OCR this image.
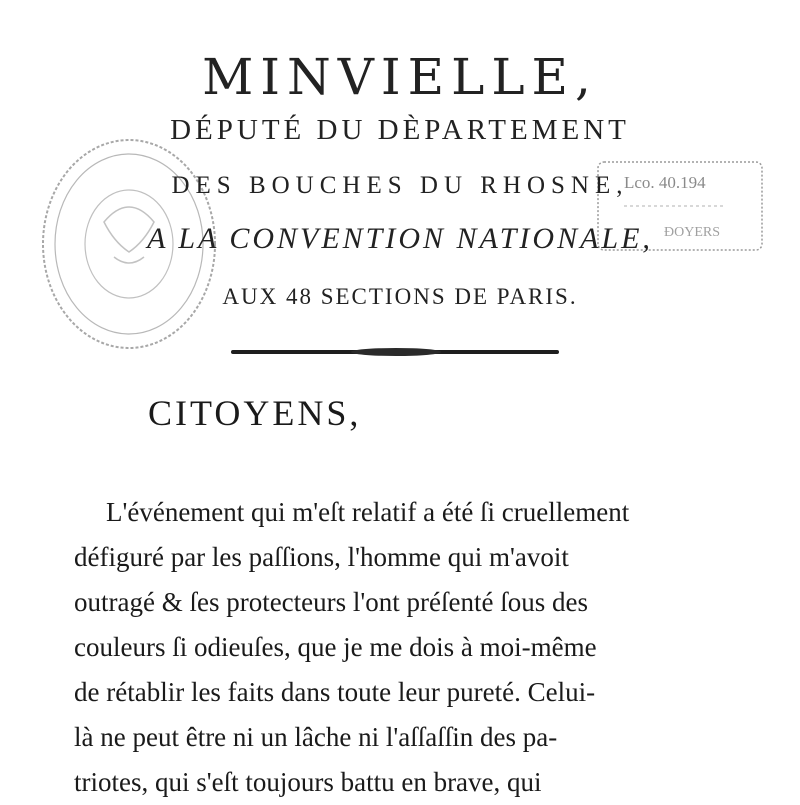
Lco. 40.194
ĐOYERS
MINVIELLE,
DÉPUTÉ DU DÈPARTEMENT
DES BOUCHES DU RHOSNE,
A LA CONVENTION NATIONALE,
AUX 48 SECTIONS DE PARIS.
CITOYENS,

L'événement qui m'eſt relatif a été ſi cruellement

défiguré par les paſſions, l'homme qui m'avoit

outragé & ſes protecteurs l'ont préſenté ſous des

couleurs ſi odieuſes, que je me dois à moi-même

de rétablir les faits dans toute leur pureté. Celui-

là ne peut être ni un lâche ni l'aſſaſſin des pa-

triotes, qui s'eſt toujours battu en brave, qui
